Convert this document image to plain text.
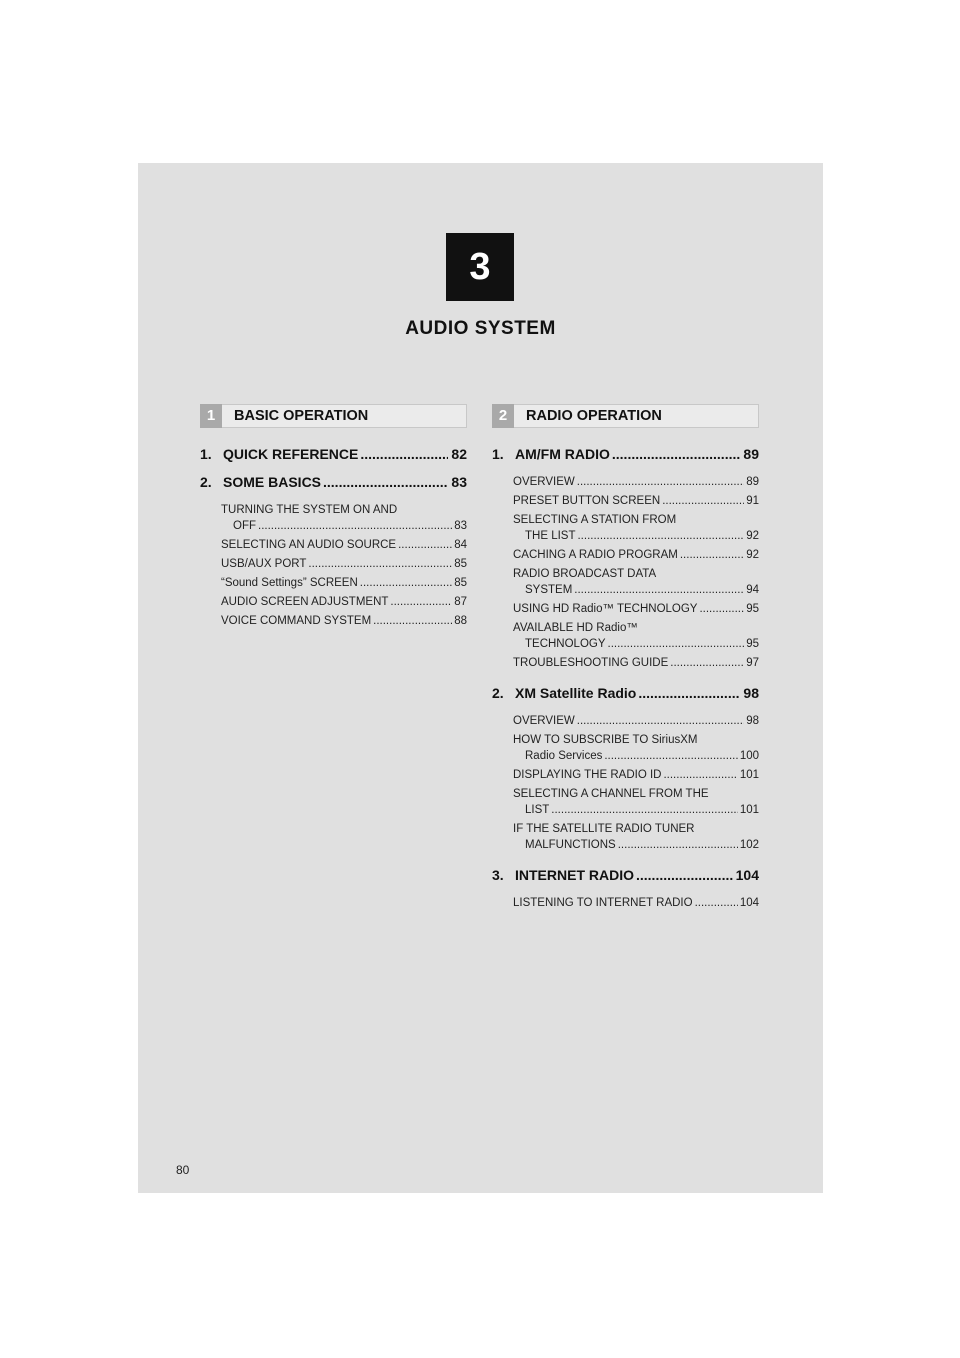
3
AUDIO SYSTEM
1	BASIC OPERATION	2	RADIO OPERATION
1. QUICK REFERENCE .....	82
2. SOME BASICS .....	83
TURNING THE SYSTEM ON AND
OFF .....	83
SELECTING AN AUDIO SOURCE .....	84
USB/AUX PORT .....	85
“Sound Settings” SCREEN .....	85
AUDIO SCREEN ADJUSTMENT .....	87
VOICE COMMAND SYSTEM .....	88
1. AM/FM RADIO .....	89
OVERVIEW .....	89
PRESET BUTTON SCREEN .....	91
SELECTING A STATION FROM
THE LIST .....	92
CACHING A RADIO PROGRAM .....	92
RADIO BROADCAST DATA
SYSTEM .....	94
USING HD Radio™ TECHNOLOGY .....	95
AVAILABLE HD Radio™
TECHNOLOGY .....	95
TROUBLESHOOTING GUIDE .....	97
2. XM Satellite Radio .....	98
OVERVIEW .....	98
HOW TO SUBSCRIBE TO SiriusXM
Radio Services .....	100
DISPLAYING THE RADIO ID .....	101
SELECTING A CHANNEL FROM THE
LIST .....	101
IF THE SATELLITE RADIO TUNER
MALFUNCTIONS .....	102
3. INTERNET RADIO .....	104
LISTENING TO INTERNET RADIO .....	104
80
